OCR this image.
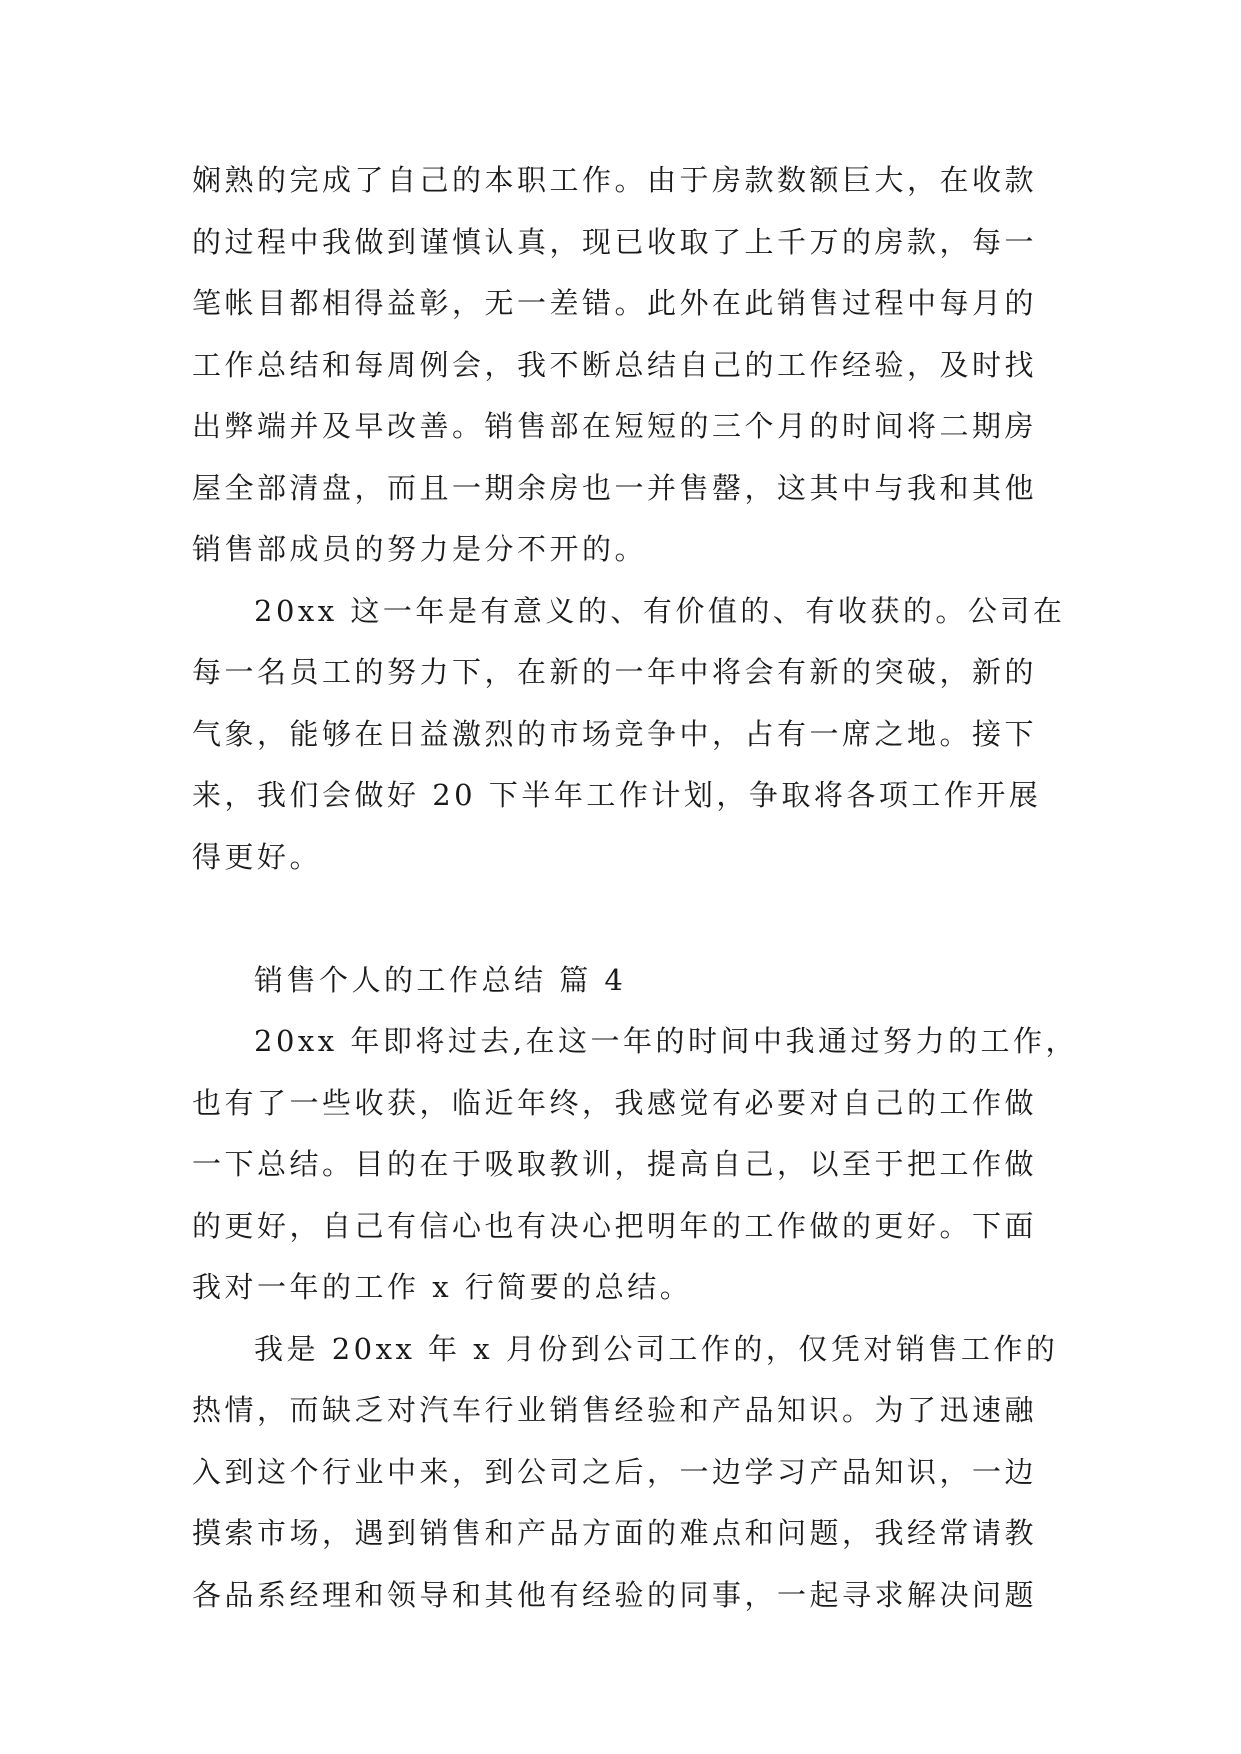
娴熟的完成了自己的本职工作。由于房款数额巨大，在收款
的过程中我做到谨慎认真，现已收取了上千万的房款，每一
笔帐目都相得益彰，无一差错。此外在此销售过程中每月的
工作总结和每周例会，我不断总结自己的工作经验，及时找
出弊端并及早改善。销售部在短短的三个月的时间将二期房
屋全部清盘，而且一期余房也一并售罄，这其中与我和其他
销售部成员的努力是分不开的。
20xx 这一年是有意义的、有价值的、有收获的。公司在
每一名员工的努力下，在新的一年中将会有新的突破，新的
气象，能够在日益激烈的市场竞争中，占有一席之地。接下
来，我们会做好 20 下半年工作计划，争取将各项工作开展
得更好。
销售个人的工作总结 篇 4
20xx 年即将过去,在这一年的时间中我通过努力的工作，
也有了一些收获，临近年终，我感觉有必要对自己的工作做
一下总结。目的在于吸取教训，提高自己，以至于把工作做
的更好，自己有信心也有决心把明年的工作做的更好。下面
我对一年的工作 x 行简要的总结。
我是 20xx 年 x 月份到公司工作的，仅凭对销售工作的
热情，而缺乏对汽车行业销售经验和产品知识。为了迅速融
入到这个行业中来，到公司之后，一边学习产品知识，一边
摸索市场，遇到销售和产品方面的难点和问题，我经常请教
各品系经理和领导和其他有经验的同事，一起寻求解决问题
